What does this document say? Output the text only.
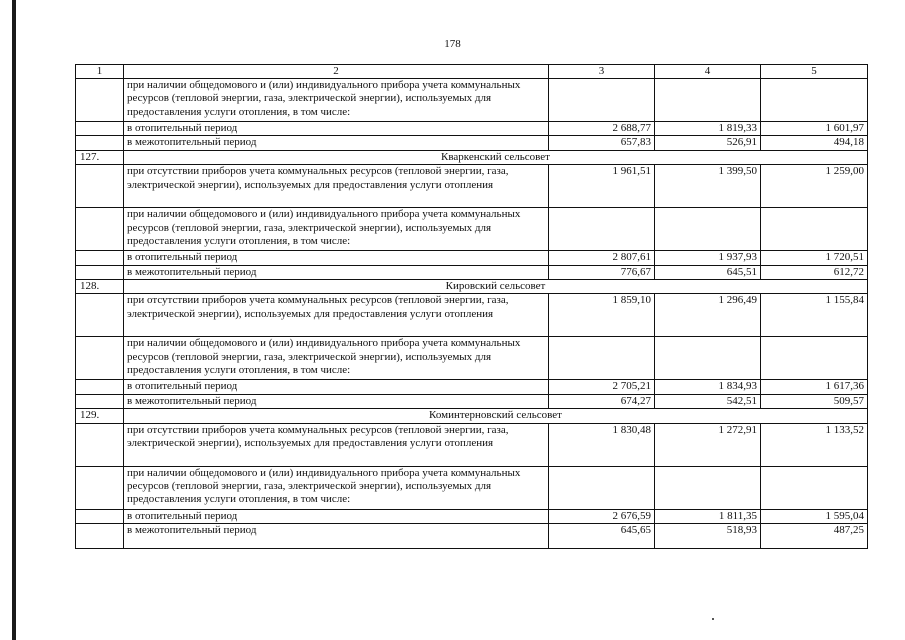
178
1	2	3	4	5
	при наличии общедомового и (или) индивидуального прибора учета коммунальных ресурсов (тепловой энергии, газа, электрической энергии), используемых для предоставления услуги отопления, в том числе:			
	в отопительный период	2 688,77	1 819,33	1 601,97
	в межотопительный период	657,83	526,91	494,18
127.	Кваркенский сельсовет			
	при отсутствии приборов учета коммунальных ресурсов (тепловой энергии, газа, электрической энергии), используемых для предоставления услуги отопления	1 961,51	1 399,50	1 259,00
	при наличии общедомового и (или) индивидуального прибора учета коммунальных ресурсов (тепловой энергии, газа, электрической энергии), используемых для предоставления услуги отопления, в том числе:			
	в отопительный период	2 807,61	1 937,93	1 720,51
	в межотопительный период	776,67	645,51	612,72
128.	Кировский сельсовет			
	при отсутствии приборов учета коммунальных ресурсов (тепловой энергии, газа, электрической энергии), используемых для предоставления услуги отопления	1 859,10	1 296,49	1 155,84
	при наличии общедомового и (или) индивидуального прибора учета коммунальных ресурсов (тепловой энергии, газа, электрической энергии), используемых для предоставления услуги отопления, в том числе:			
	в отопительный период	2 705,21	1 834,93	1 617,36
	в межотопительный период	674,27	542,51	509,57
129.	Коминтерновский сельсовет			
	при отсутствии приборов учета коммунальных ресурсов (тепловой энергии, газа, электрической энергии), используемых для предоставления услуги отопления	1 830,48	1 272,91	1 133,52
	при наличии общедомового и (или) индивидуального прибора учета коммунальных ресурсов (тепловой энергии, газа, электрической энергии), используемых для предоставления услуги отопления, в том числе:			
	в отопительный период	2 676,59	1 811,35	1 595,04
	в межотопительный период	645,65	518,93	487,25
